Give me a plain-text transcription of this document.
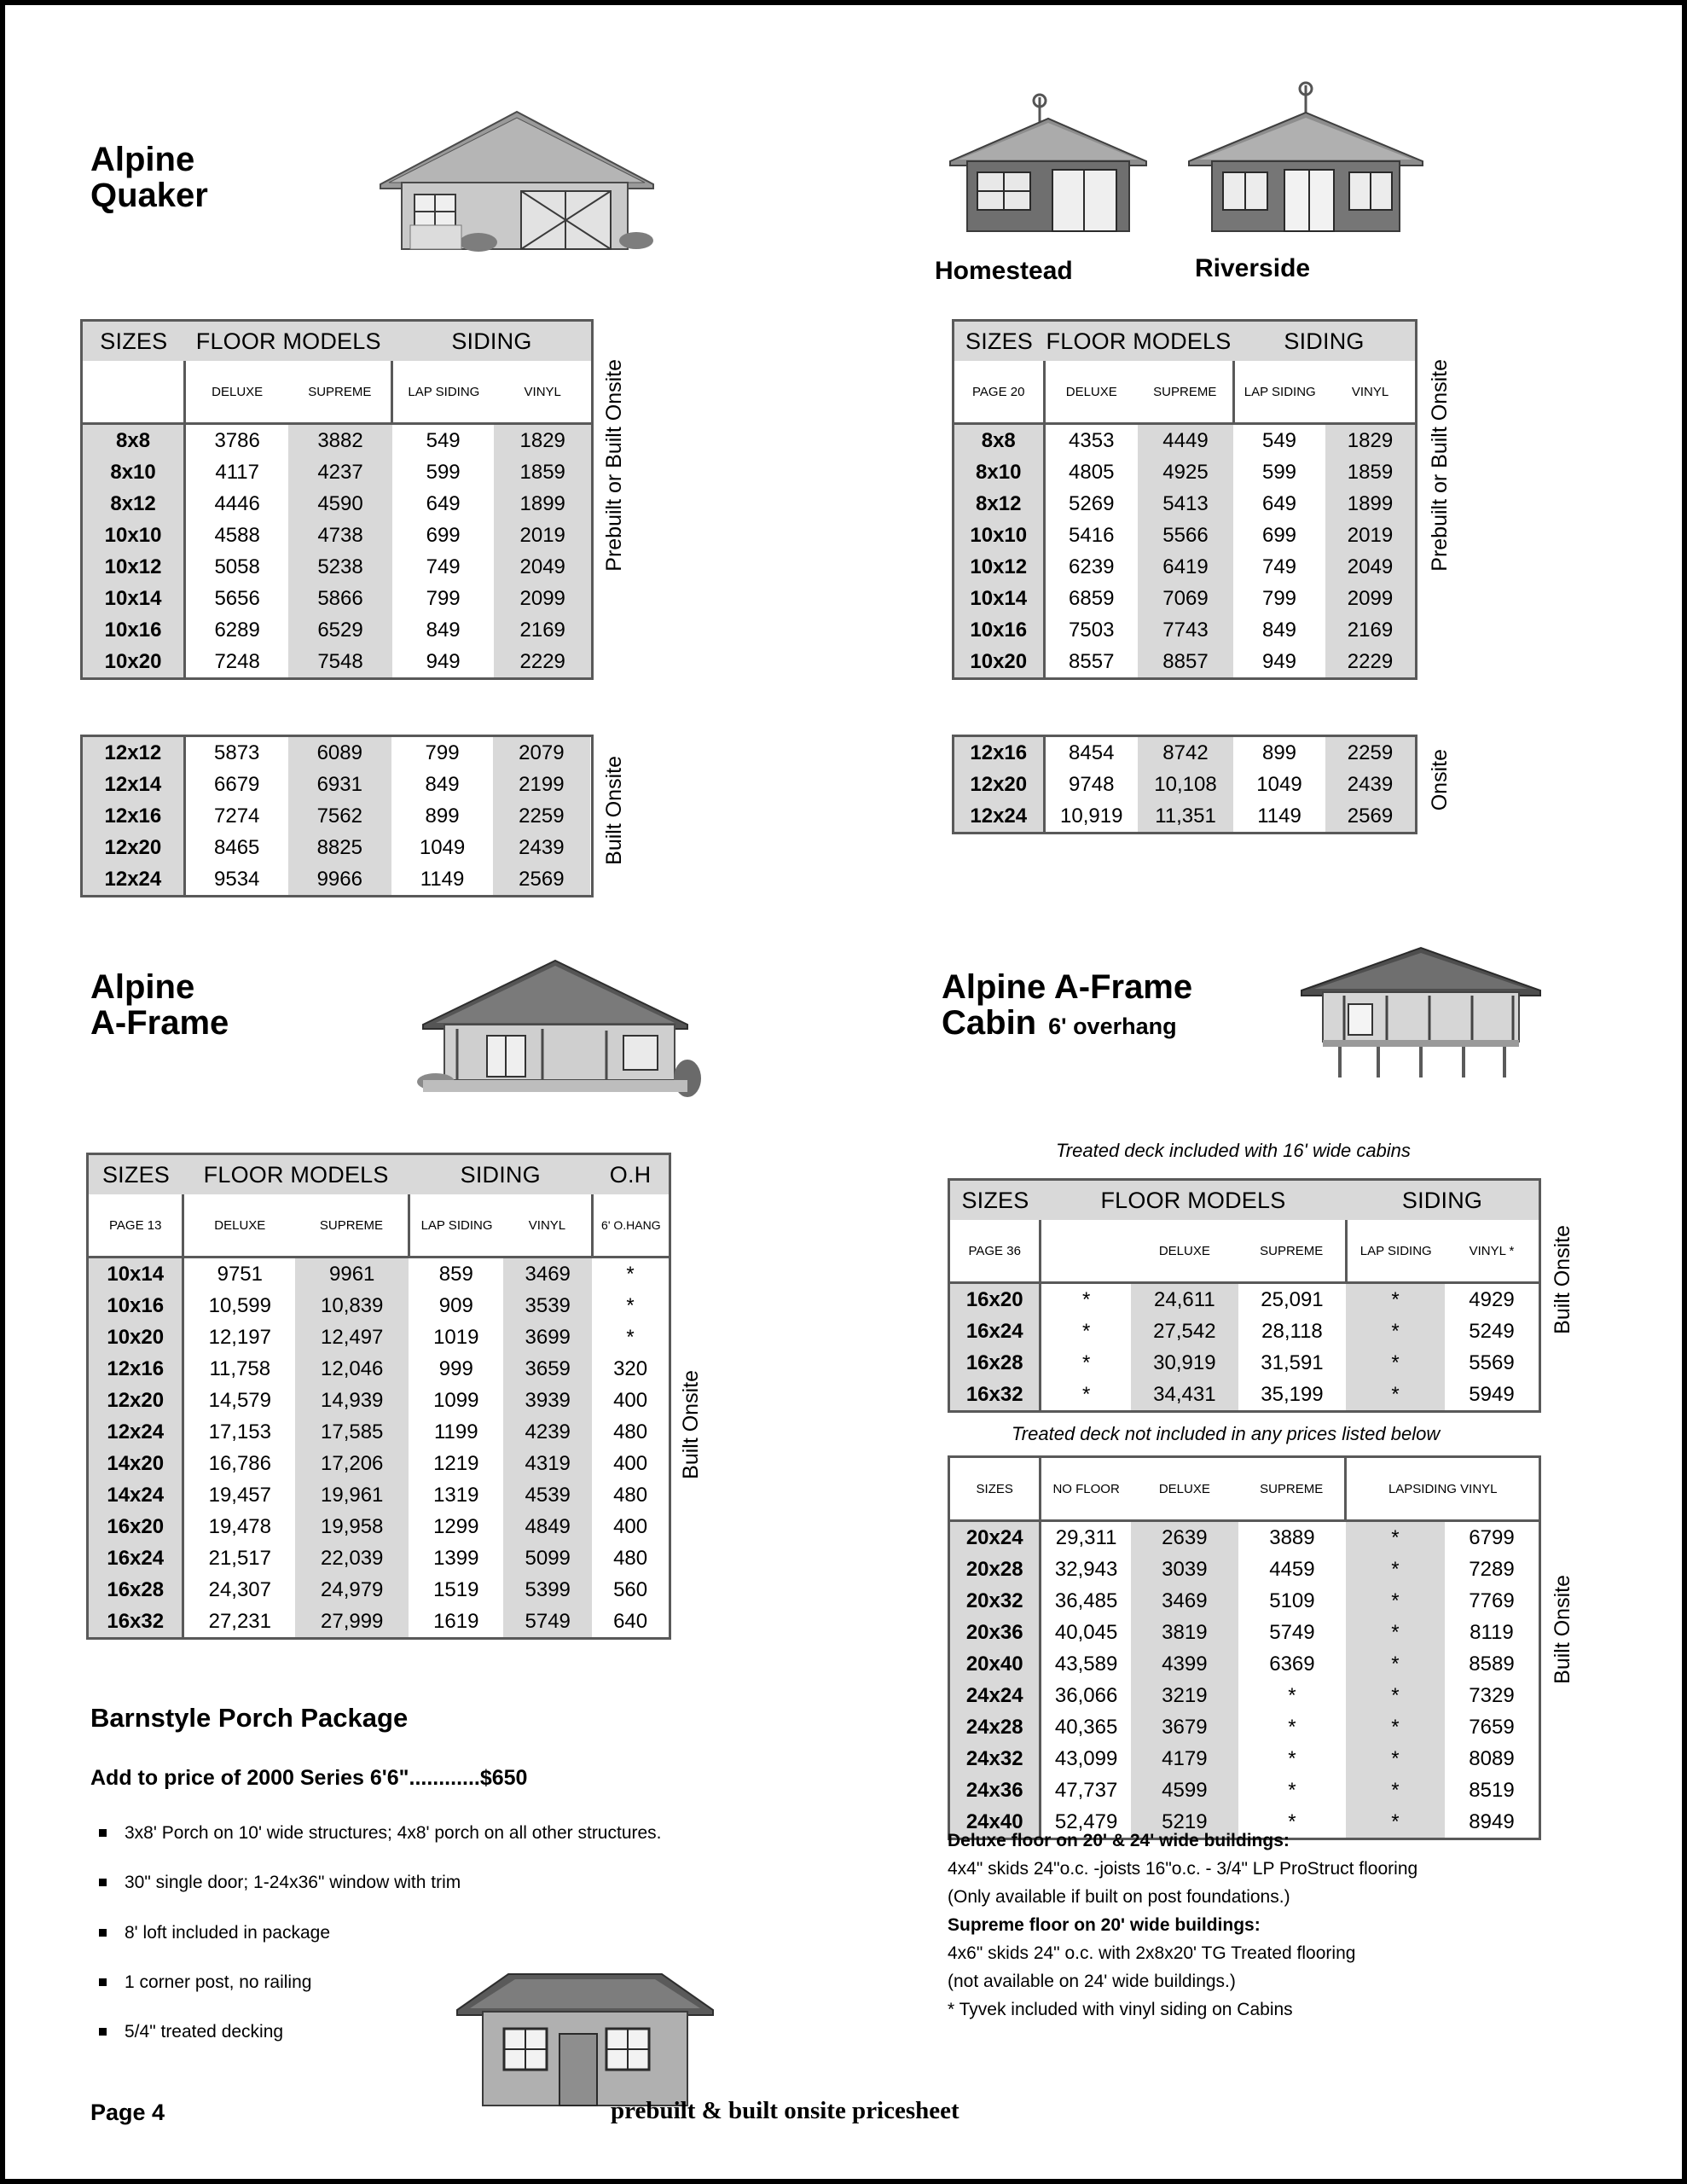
Alpine
Quaker
SIZES	FLOOR MODELS		SIDING	
	DELUXE	SUPREME	LAP SIDING	VINYL
8x8	3786	3882	549	1829
8x10	4117	4237	599	1859
8x12	4446	4590	649	1899
10x10	4588	4738	699	2019
10x12	5058	5238	749	2049
10x14	5656	5866	799	2099
10x16	6289	6529	849	2169
10x20	7248	7548	949	2229
Prebuilt or Built Onsite
12x12	5873	6089	799	2079
12x14	6679	6931	849	2199
12x16	7274	7562	899	2259
12x20	8465	8825	1049	2439
12x24	9534	9966	1149	2569
Built Onsite
Homestead	Riverside
SIZES	FLOOR MODELS		SIDING	
PAGE 20	DELUXE	SUPREME	LAP SIDING	VINYL
8x8	4353	4449	549	1829
8x10	4805	4925	599	1859
8x12	5269	5413	649	1899
10x10	5416	5566	699	2019
10x12	6239	6419	749	2049
10x14	6859	7069	799	2099
10x16	7503	7743	849	2169
10x20	8557	8857	949	2229
Prebuilt or Built Onsite
12x16	8454	8742	899	2259
12x20	9748	10,108	1049	2439
12x24	10,919	11,351	1149	2569
Onsite
Alpine
A-Frame
SIZES	FLOOR MODELS		SIDING		O.H
PAGE 13	DELUXE	SUPREME	LAP SIDING	VINYL	6' O.HANG
10x14	9751	9961	859	3469	*
10x16	10,599	10,839	909	3539	*
10x20	12,197	12,497	1019	3699	*
12x16	11,758	12,046	999	3659	320
12x20	14,579	14,939	1099	3939	400
12x24	17,153	17,585	1199	4239	480
14x20	16,786	17,206	1219	4319	400
14x24	19,457	19,961	1319	4539	480
16x20	19,478	19,958	1299	4849	400
16x24	21,517	22,039	1399	5099	480
16x28	24,307	24,979	1519	5399	560
16x32	27,231	27,999	1619	5749	640
Built Onsite
Barnstyle Porch Package
Add to price of 2000 Series 6'6"............$650
3x8' Porch on 10' wide structures; 4x8' porch on all other structures.
30" single door; 1-24x36" window with trim
8' loft included in package
1 corner post, no railing
5/4" treated decking
Alpine A-Frame
Cabin 6' overhang
Treated deck included with 16' wide cabins
SIZES	FLOOR MODELS			SIDING	
PAGE 36		DELUXE	SUPREME	LAP SIDING	VINYL *
16x20	*	24,611	25,091	*	4929
16x24	*	27,542	28,118	*	5249
16x28	*	30,919	31,591	*	5569
16x32	*	34,431	35,199	*	5949
Built Onsite
Treated deck not included in any prices listed below
SIZES	NO FLOOR	DELUXE	SUPREME	LAPSIDING VINYL	
20x24	29,311	2639	3889	*	6799
20x28	32,943	3039	4459	*	7289
20x32	36,485	3469	5109	*	7769
20x36	40,045	3819	5749	*	8119
20x40	43,589	4399	6369	*	8589
24x24	36,066	3219	*	*	7329
24x28	40,365	3679	*	*	7659
24x32	43,099	4179	*	*	8089
24x36	47,737	4599	*	*	8519
24x40	52,479	5219	*	*	8949
Built Onsite

Deluxe floor on 20' & 24' wide buildings:

4x4" skids 24"o.c. -joists 16"o.c. - 3/4" LP ProStruct flooring

(Only available if built on post foundations.)

Supreme floor on 20' wide buildings:

4x6" skids 24" o.c. with 2x8x20' TG Treated flooring

(not available on 24' wide buildings.)

* Tyvek included with vinyl siding on Cabins

Page 4	prebuilt & built onsite pricesheet
